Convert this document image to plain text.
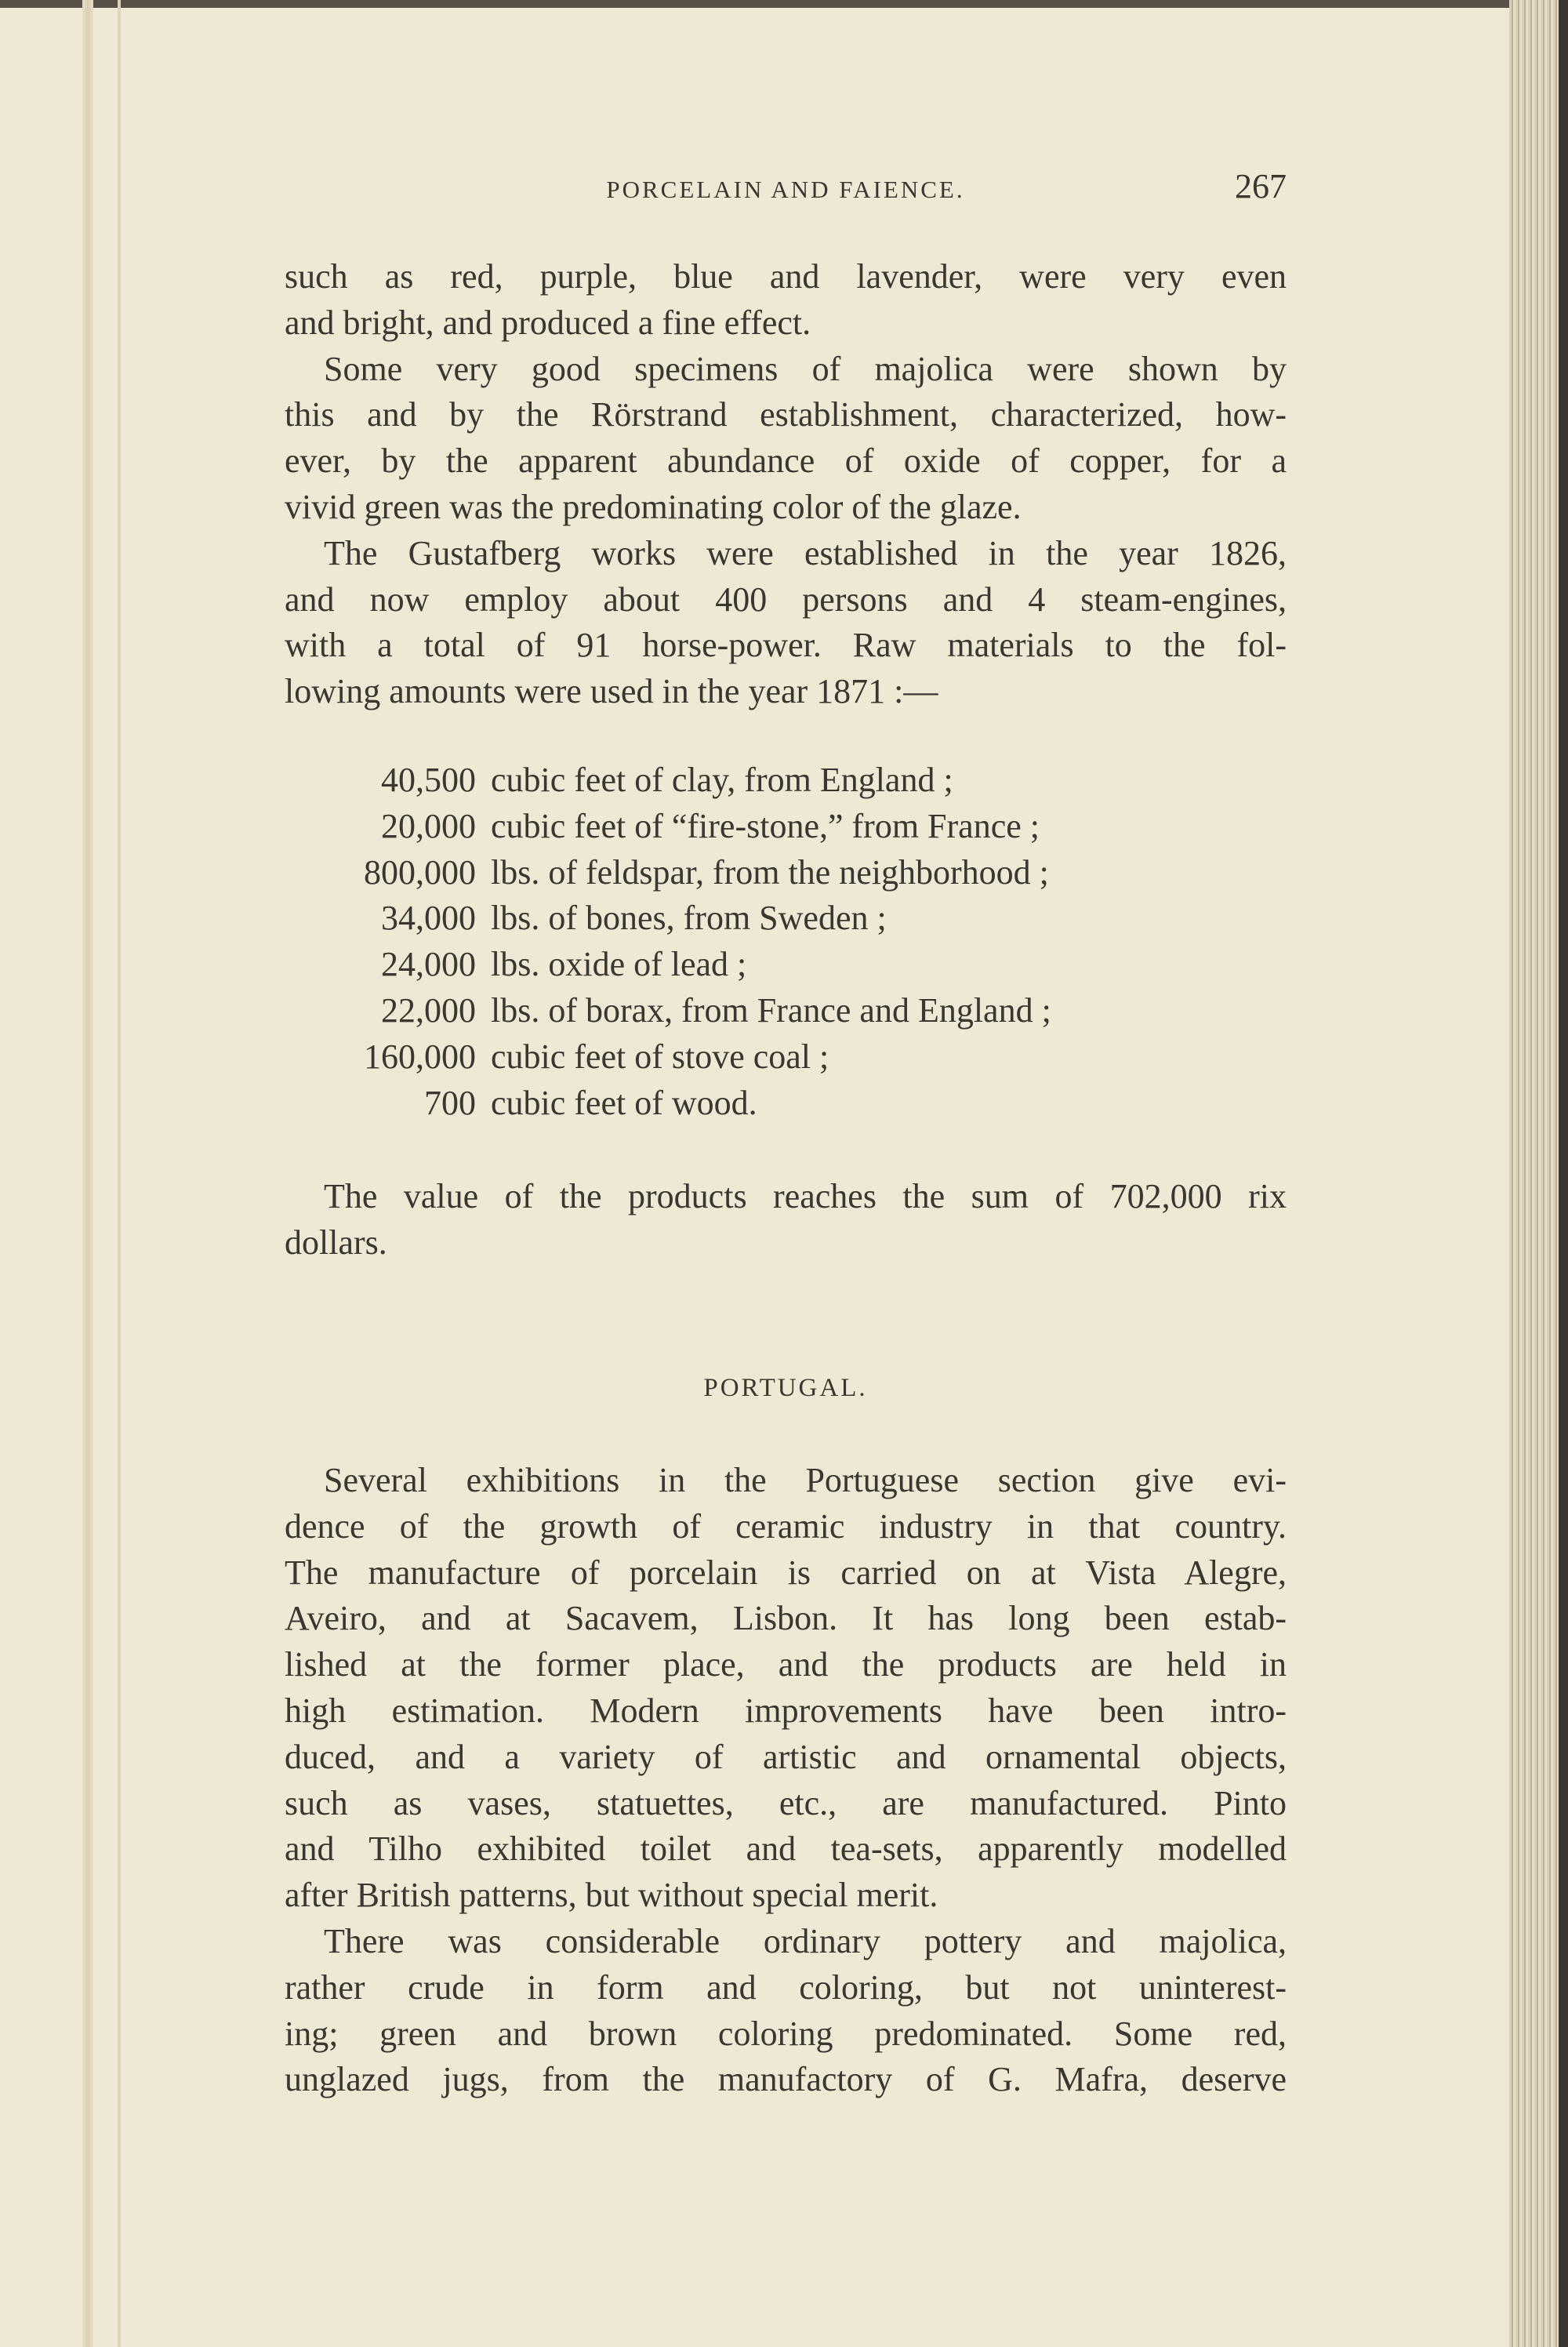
PORCELAIN AND FAIENCE.	267
such as red, purple, blue and lavender, were very even
and bright, and produced a fine effect.
Some very good specimens of majolica were shown by
this and by the Rörstrand establishment, characterized, how-
ever, by the apparent abundance of oxide of copper, for a
vivid green was the predominating color of the glaze.
The Gustafberg works were established in the year 1826,
and now employ about 400 persons and 4 steam-engines,
with a total of 91 horse-power. Raw materials to the fol-
lowing amounts were used in the year 1871 :—
40,500 cubic feet of clay, from England ;
20,000 cubic feet of “fire-stone,” from France ;
800,000 lbs. of feldspar, from the neighborhood ;
34,000 lbs. of bones, from Sweden ;
24,000 lbs. oxide of lead ;
22,000 lbs. of borax, from France and England ;
160,000 cubic feet of stove coal ;
700 cubic feet of wood.
The value of the products reaches the sum of 702,000 rix
dollars.
PORTUGAL.
Several exhibitions in the Portuguese section give evi-
dence of the growth of ceramic industry in that country.
The manufacture of porcelain is carried on at Vista Alegre,
Aveiro, and at Sacavem, Lisbon. It has long been estab-
lished at the former place, and the products are held in
high estimation. Modern improvements have been intro-
duced, and a variety of artistic and ornamental objects,
such as vases, statuettes, etc., are manufactured. Pinto
and Tilho exhibited toilet and tea-sets, apparently modelled
after British patterns, but without special merit.
There was considerable ordinary pottery and majolica,
rather crude in form and coloring, but not uninterest-
ing; green and brown coloring predominated. Some red,
unglazed jugs, from the manufactory of G. Mafra, deserve
